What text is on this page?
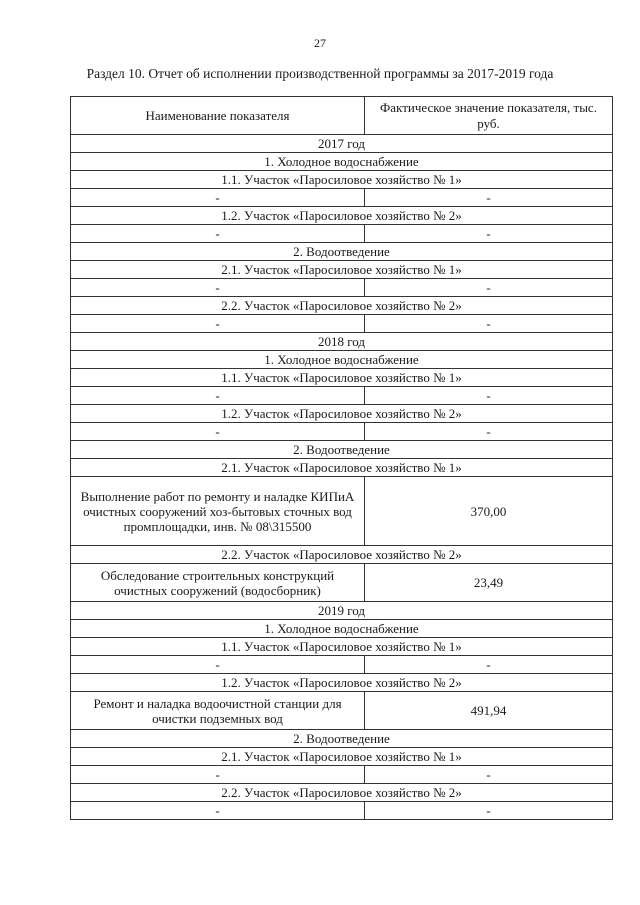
27
Раздел 10. Отчет об исполнении производственной программы за 2017-2019 года
Наименование показателя	Фактическое значение показателя, тыс. руб.
2017 год	
1. Холодное водоснабжение	
1.1. Участок «Паросиловое хозяйство № 1»	
-	-
1.2. Участок «Паросиловое хозяйство № 2»	
-	-
2. Водоотведение	
2.1. Участок «Паросиловое хозяйство № 1»	
-	-
2.2. Участок «Паросиловое хозяйство № 2»	
-	-
2018 год	
1. Холодное водоснабжение	
1.1. Участок «Паросиловое хозяйство № 1»	
-	-
1.2. Участок «Паросиловое хозяйство № 2»	
-	-
2. Водоотведение	
2.1. Участок «Паросиловое хозяйство № 1»	
Выполнение работ по ремонту и наладке КИПиА очистных сооружений хоз-бытовых сточных вод промплощадки, инв. № 08\315500	370,00
2.2. Участок «Паросиловое хозяйство № 2»	
Обследование строительных конструкций очистных сооружений (водосборник)	23,49
2019 год	
1. Холодное водоснабжение	
1.1. Участок «Паросиловое хозяйство № 1»	
-	-
1.2. Участок «Паросиловое хозяйство № 2»	
Ремонт и наладка водоочистной станции для очистки подземных вод	491,94
2. Водоотведение	
2.1. Участок «Паросиловое хозяйство № 1»	
-	-
2.2. Участок «Паросиловое хозяйство № 2»	
-	-
